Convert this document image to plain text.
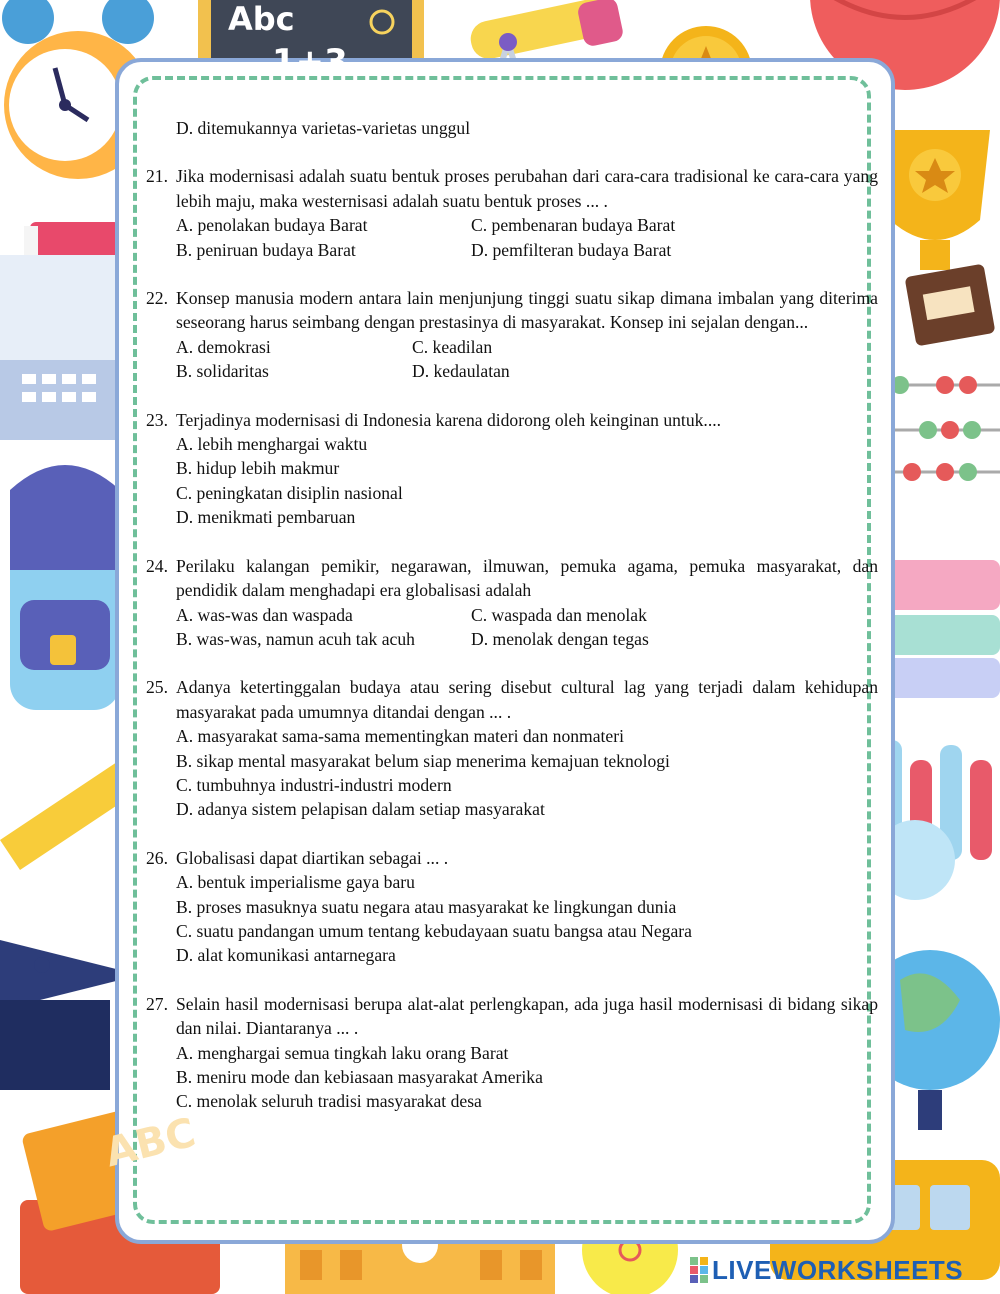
Abc
1+3
ABC
D. ditemukannya varietas-varietas unggul
21. Jika modernisasi adalah suatu bentuk proses perubahan dari cara-cara tradisional ke cara-cara yang lebih maju, maka westernisasi adalah suatu bentuk proses ... .
A. penolakan budaya Barat	C. pembenaran budaya Barat
B. peniruan budaya Barat	D. pemfilteran budaya Barat
22. Konsep manusia modern antara lain menjunjung tinggi suatu sikap dimana imbalan yang diterima seseorang harus seimbang dengan prestasinya di masyarakat. Konsep ini sejalan dengan...
A. demokrasi	C. keadilan
B. solidaritas	D. kedaulatan
23. Terjadinya modernisasi di Indonesia karena didorong oleh keinginan untuk....
A. lebih menghargai waktu
B. hidup lebih makmur
C. peningkatan disiplin nasional
D. menikmati pembaruan
24. Perilaku kalangan pemikir, negarawan, ilmuwan, pemuka agama, pemuka masyarakat, dan pendidik dalam menghadapi era globalisasi adalah
A. was-was dan waspada	C. waspada dan menolak
B. was-was, namun acuh tak acuh	D. menolak dengan tegas
25. Adanya ketertinggalan budaya atau sering disebut cultural lag yang terjadi dalam kehidupan masyarakat pada umumnya ditandai dengan ... .
A. masyarakat sama-sama mementingkan materi dan nonmateri
B. sikap mental masyarakat belum siap menerima kemajuan teknologi
C. tumbuhnya industri-industri modern
D. adanya sistem pelapisan dalam setiap masyarakat
26. Globalisasi dapat diartikan sebagai ... .
A. bentuk imperialisme gaya baru
B. proses masuknya suatu negara atau masyarakat ke lingkungan dunia
C. suatu pandangan umum tentang kebudayaan suatu bangsa atau Negara
D. alat komunikasi antarnegara
27. Selain hasil modernisasi berupa alat-alat perlengkapan, ada juga hasil modernisasi di bidang sikap dan nilai. Diantaranya ... .
A. menghargai semua tingkah laku orang Barat
B. meniru mode dan kebiasaan masyarakat Amerika
C. menolak seluruh tradisi masyarakat desa
LIVEWORKSHEETS
